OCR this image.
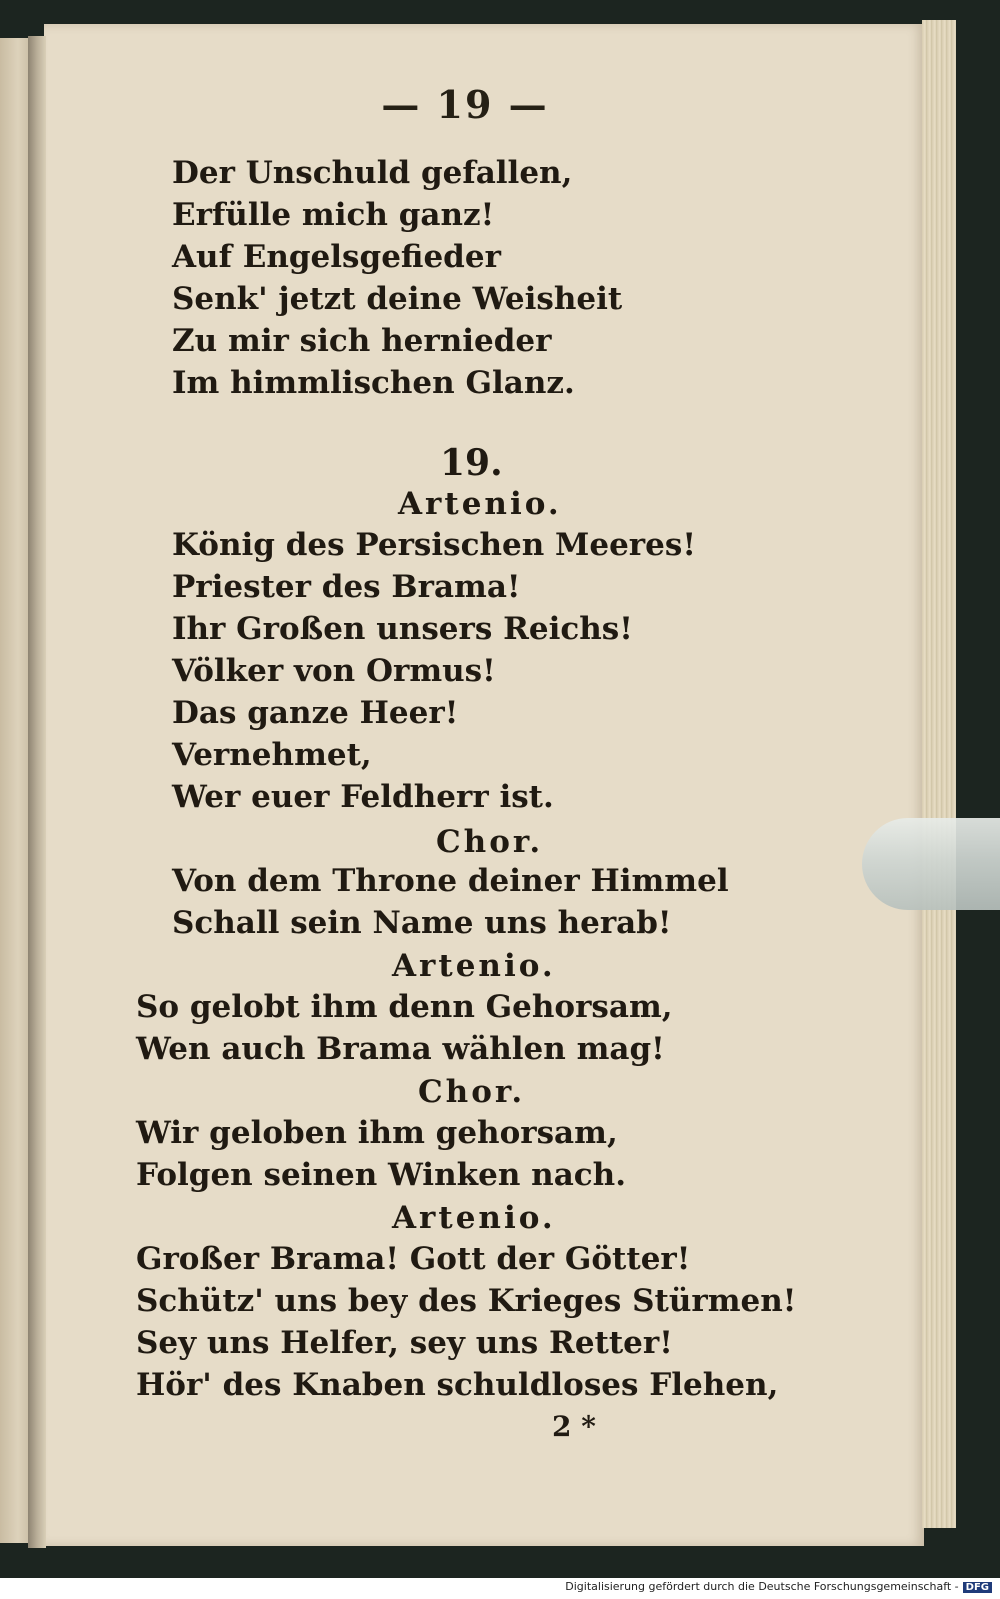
— 19 —
Der Unschuld gefallen,
Erfülle mich ganz!
Auf Engelsgefieder
Senk' jetzt deine Weisheit
Zu mir sich hernieder
Im himmlischen Glanz.
19.
Artenio.
König des Persischen Meeres!
Priester des Brama!
Ihr Großen unsers Reichs!
Völker von Ormus!
Das ganze Heer!
Vernehmet,
Wer euer Feldherr ist.
Chor.
Von dem Throne deiner Himmel
Schall sein Name uns herab!
Artenio.
So gelobt ihm denn Gehorsam,
Wen auch Brama wählen mag!
Chor.
Wir geloben ihm gehorsam,
Folgen seinen Winken nach.
Artenio.
Großer Brama! Gott der Götter!
Schütz' uns bey des Krieges Stürmen!
Sey uns Helfer, sey uns Retter!
Hör' des Knaben schuldloses Flehen,
2 *
Digitalisierung gefördert durch die Deutsche Forschungsgemeinschaft - DFG
